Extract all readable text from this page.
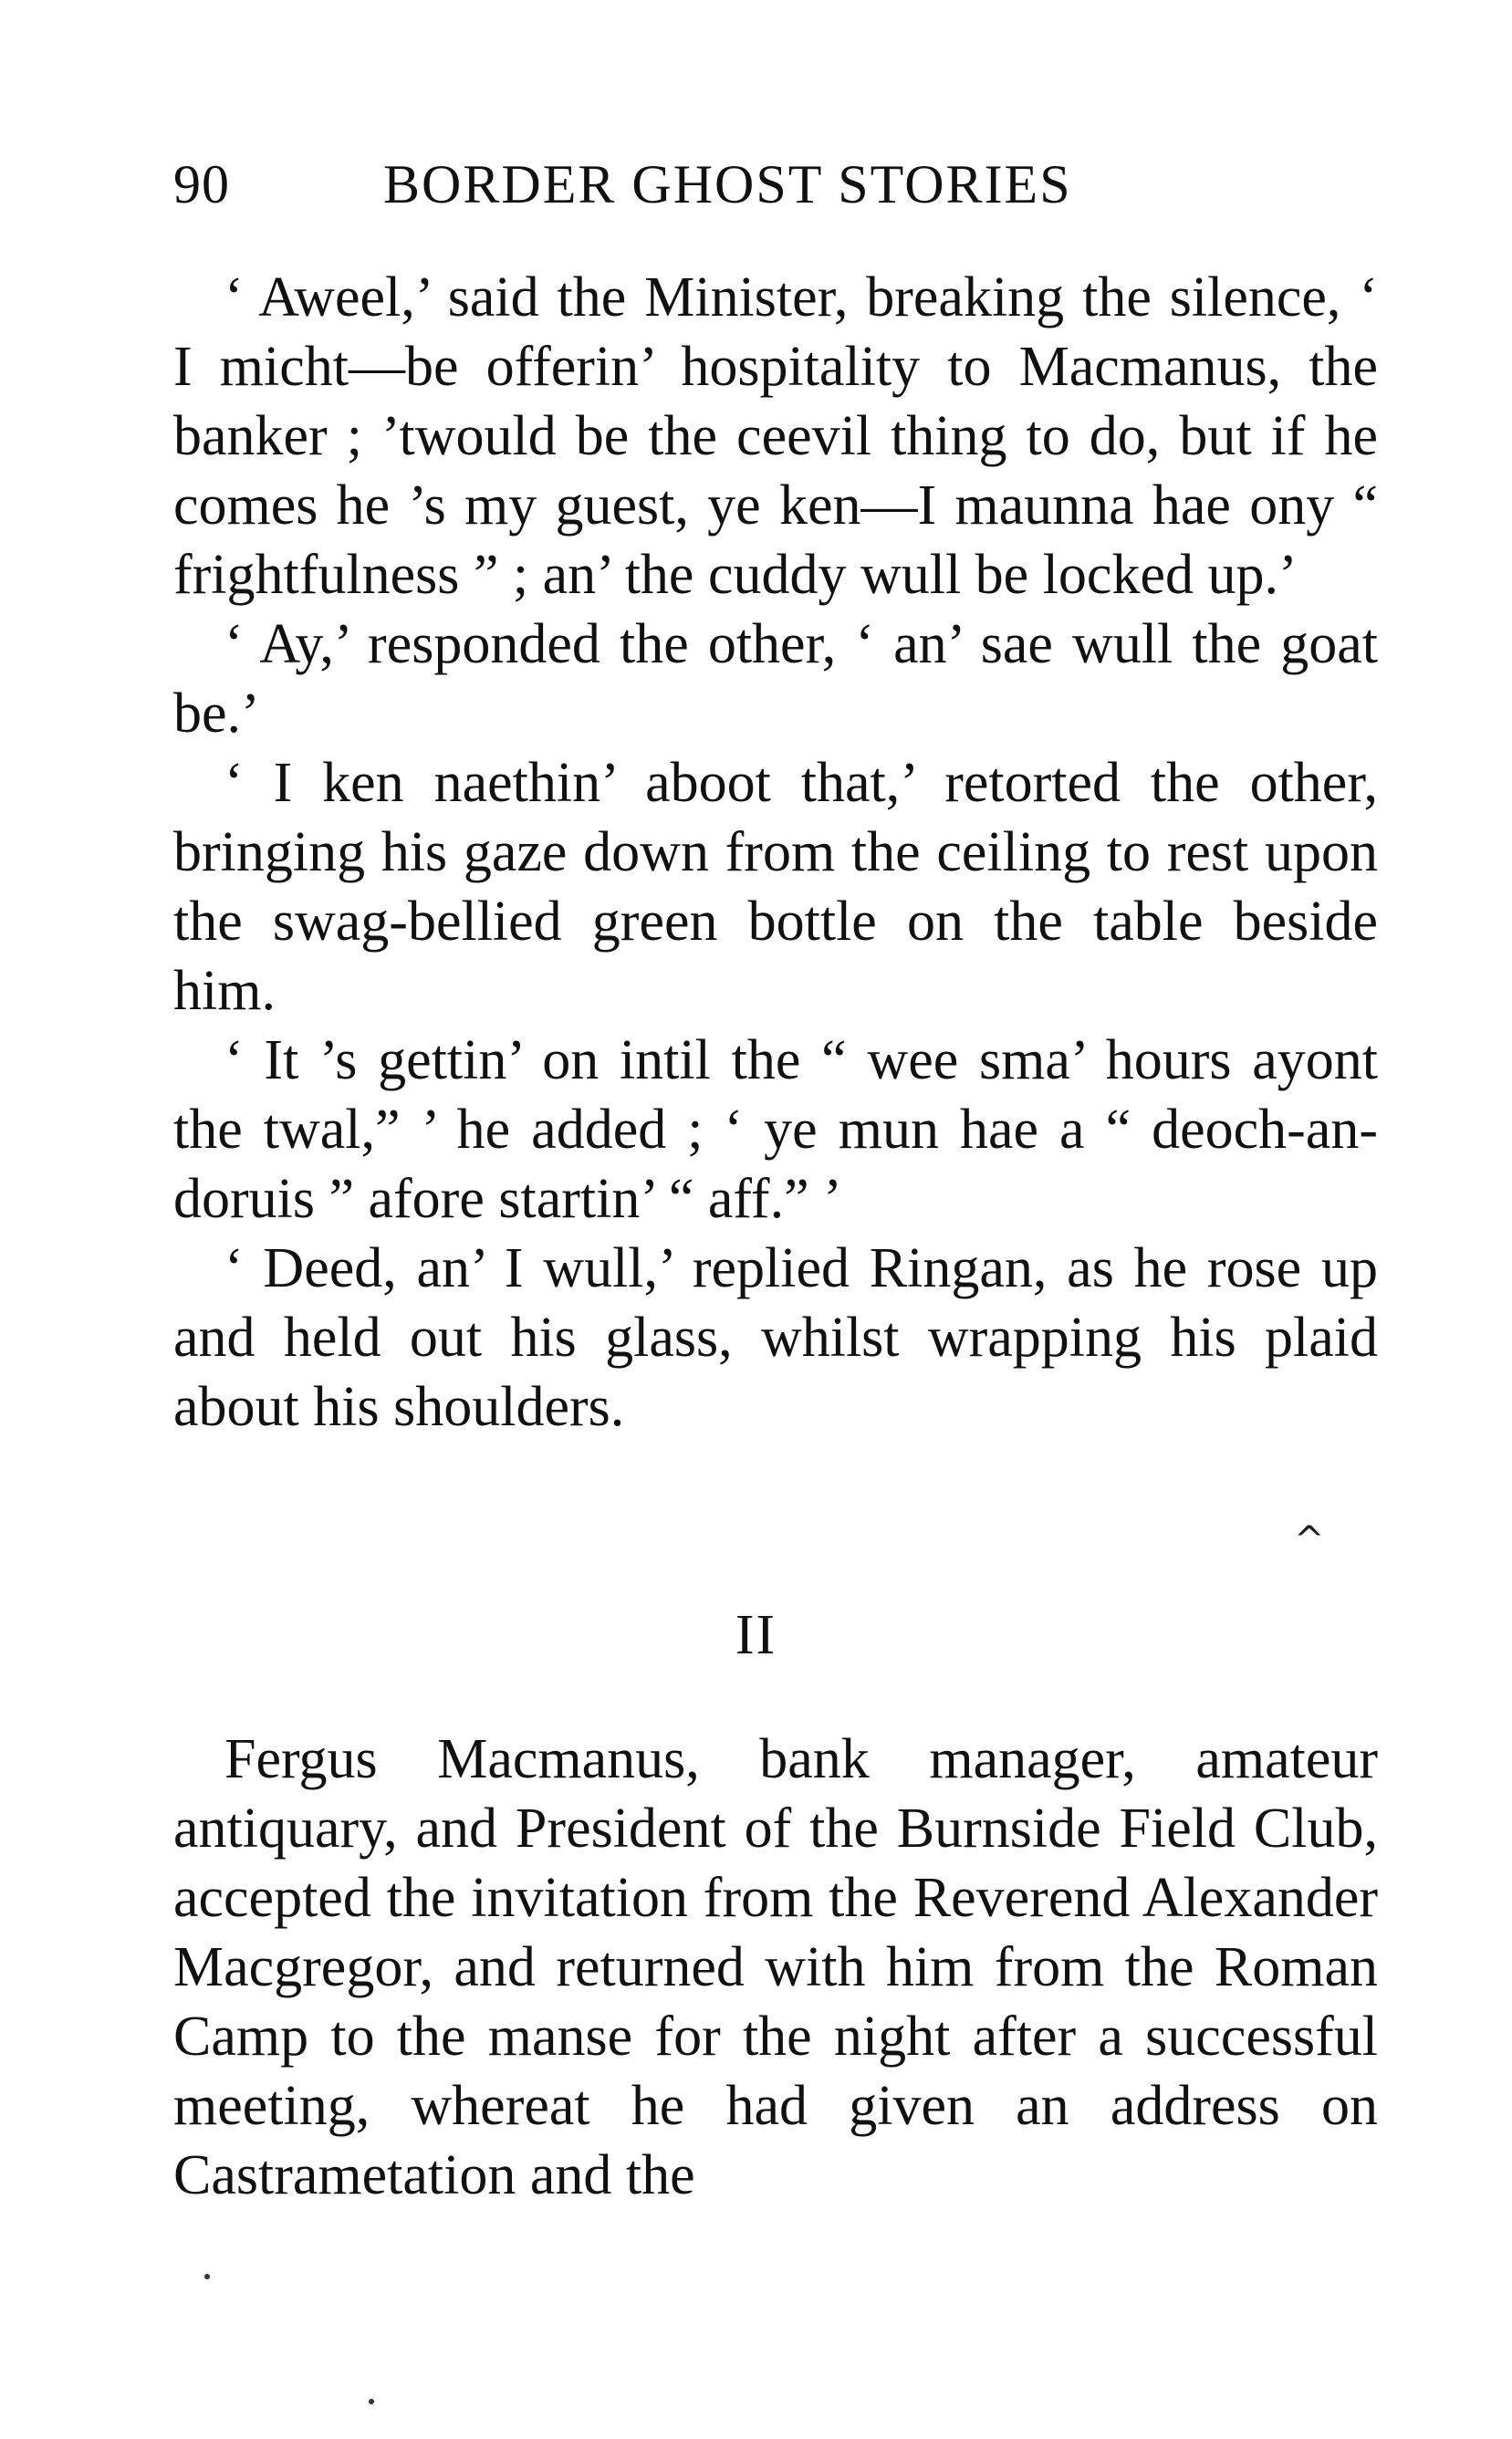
90	BORDER GHOST STORIES

‘ Aweel,’ said the Minister, breaking the silence, ‘ I micht—be offerin’ hospitality to Macmanus, the banker ; ’twould be the ceevil thing to do, but if he comes he ’s my guest, ye ken—I maunna hae ony “ frightfulness ” ; an’ the cuddy wull be locked up.’

‘ Ay,’ responded the other, ‘ an’ sae wull the goat be.’

‘ I ken naethin’ aboot that,’ retorted the other, bringing his gaze down from the ceiling to rest upon the swag-bellied green bottle on the table beside him.

‘ It ’s gettin’ on intil the “ wee sma’ hours ayont the twal,” ’ he added ; ‘ ye mun hae a “ deoch-an-doruis ” afore startin’ “ aff.” ’

‘ Deed, an’ I wull,’ replied Ringan, as he rose up and held out his glass, whilst wrapping his plaid about his shoulders.

^
II

Fergus Macmanus, bank manager, amateur antiquary, and President of the Burnside Field Club, accepted the invitation from the Reverend Alexander Macgregor, and returned with him from the Roman Camp to the manse for the night after a successful meeting, whereat he had given an address on Castrametation and the
